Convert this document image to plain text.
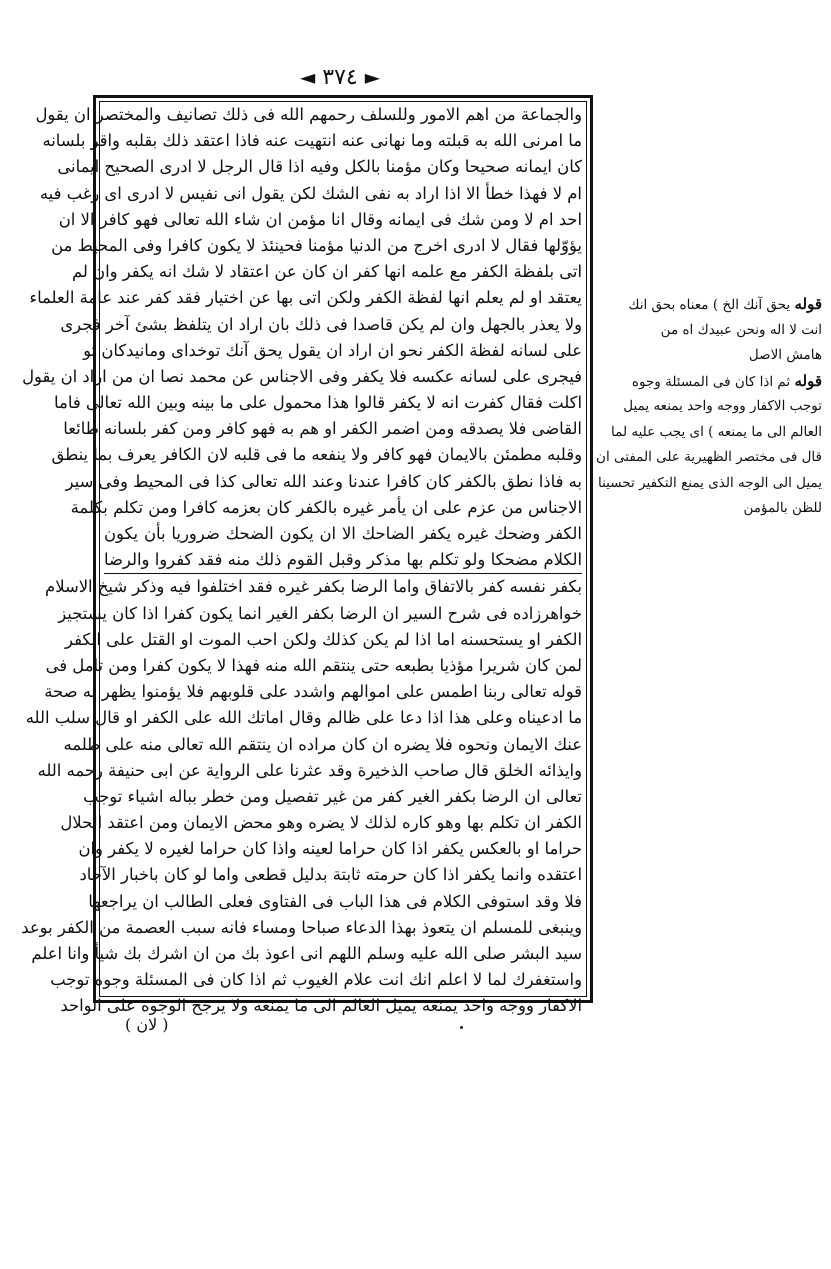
◄ ٣٧٤ ►
والجماعة من اهم الامور وللسلف رحمهم الله فى ذلك تصانيف والمختصر ان يقول
ما امرنى الله به قبلته وما نهانى عنه انتهيت عنه فاذا اعتقد ذلك بقلبه واقر بلسانه
كان ايمانه صحيحا وكان مؤمنا بالكل وفيه اذا قال الرجل لا ادرى الصحيح ايمانى
ام لا فهذا خطأ الا اذا اراد به نفى الشك لكن يقول انى نفيس لا ادرى اى رغب فيه
احد ام لا ومن شك فى ايمانه وقال انا مؤمن ان شاء الله تعالى فهو كافر الا ان
يؤوّلها فقال لا ادرى اخرج من الدنيا مؤمنا فحينئذ لا يكون كافرا وفى المحيط من
اتى بلفظة الكفر مع علمه انها كفر ان كان عن اعتقاد لا شك انه يكفر وان لم
يعتقد او لم يعلم انها لفظة الكفر ولكن اتى بها عن اختيار فقد كفر عند عامة العلماء
ولا يعذر بالجهل وان لم يكن قاصدا فى ذلك بان اراد ان يتلفظ بشئ آخر فجرى
على لسانه لفظة الكفر نحو ان اراد ان يقول يحق آنك توخداى ومانيدكان تو
فيجرى على لسانه عكسه فلا يكفر وفى الاجناس عن محمد نصا ان من اراد ان يقول
اكلت فقال كفرت انه لا يكفر قالوا هذا محمول على ما بينه وبين الله تعالى فاما
القاضى فلا يصدقه ومن اضمر الكفر او هم به فهو كافر ومن كفر بلسانه طائعا
وقلبه مطمئن بالايمان فهو كافر ولا ينفعه ما فى قلبه لان الكافر يعرف بما ينطق
به فاذا نطق بالكفر كان كافرا عندنا وعند الله تعالى كذا فى المحيط وفى سير
الاجناس من عزم على ان يأمر غيره بالكفر كان بعزمه كافرا ومن تكلم بكلمة
الكفر وضحك غيره يكفر الضاحك الا ان يكون الضحك ضروريا بأن يكون
الكلام مضحكا ولو تكلم بها مذكر وقبل القوم ذلك منه فقد كفروا والرضا
بكفر نفسه كفر بالاتفاق واما الرضا بكفر غيره فقد اختلفوا فيه وذكر شيخ الاسلام
خواهرزاده فى شرح السير ان الرضا بكفر الغير انما يكون كفرا اذا كان يستجيز
الكفر او يستحسنه اما اذا لم يكن كذلك ولكن احب الموت او القتل على الكفر
لمن كان شريرا مؤذيا بطبعه حتى ينتقم الله منه فهذا لا يكون كفرا ومن تامل فى
قوله تعالى ربنا اطمس على اموالهم واشدد على قلوبهم فلا يؤمنوا يظهر له صحة
ما ادعيناه وعلى هذا اذا دعا على ظالم وقال اماتك الله على الكفر او قال سلب الله
عنك الايمان ونحوه فلا يضره ان كان مراده ان ينتقم الله تعالى منه على ظلمه
وايذائه الخلق قال صاحب الذخيرة وقد عثرنا على الرواية عن ابى حنيفة رحمه الله
تعالى ان الرضا بكفر الغير كفر من غير تفصيل ومن خطر بباله اشياء توجب
الكفر ان تكلم بها وهو كاره لذلك لا يضره وهو محض الايمان ومن اعتقد الحلال
حراما او بالعكس يكفر اذا كان حراما لعينه واذا كان حراما لغيره لا يكفر وان
اعتقده وانما يكفر اذا كان حرمته ثابتة بدليل قطعى واما لو كان باخبار الآحاد
فلا وقد استوفى الكلام فى هذا الباب فى الفتاوى فعلى الطالب ان يراجعها
وينبغى للمسلم ان يتعوذ بهذا الدعاء صباحا ومساء فانه سبب العصمة من الكفر بوعد
سيد البشر صلى الله عليه وسلم اللهم انى اعوذ بك من ان اشرك بك شيأ وانا اعلم
واستغفرك لما لا اعلم انك انت علام الغيوب ثم اذا كان فى المسئلة وجوه توجب
الاكفار ووجه واحد يمنعه يميل العالم الى ما يمنعه ولا يرجح الوجوه على الواحد
قوله يحق آنك الخ ) معناه بحق انك
انت لا اله ونحن عبيدك اه من
هامش الاصل
قوله ثم اذا كان فى المسئلة وجوه
توجب الاكفار ووجه واحد يمنعه يميل
العالم الى ما يمنعه ) اى يجب عليه لما
قال فى مختصر الظهيرية على المفتى ان
يميل الى الوجه الذى يمنع التكفير تحسينا
للظن بالمؤمن
( لان )
